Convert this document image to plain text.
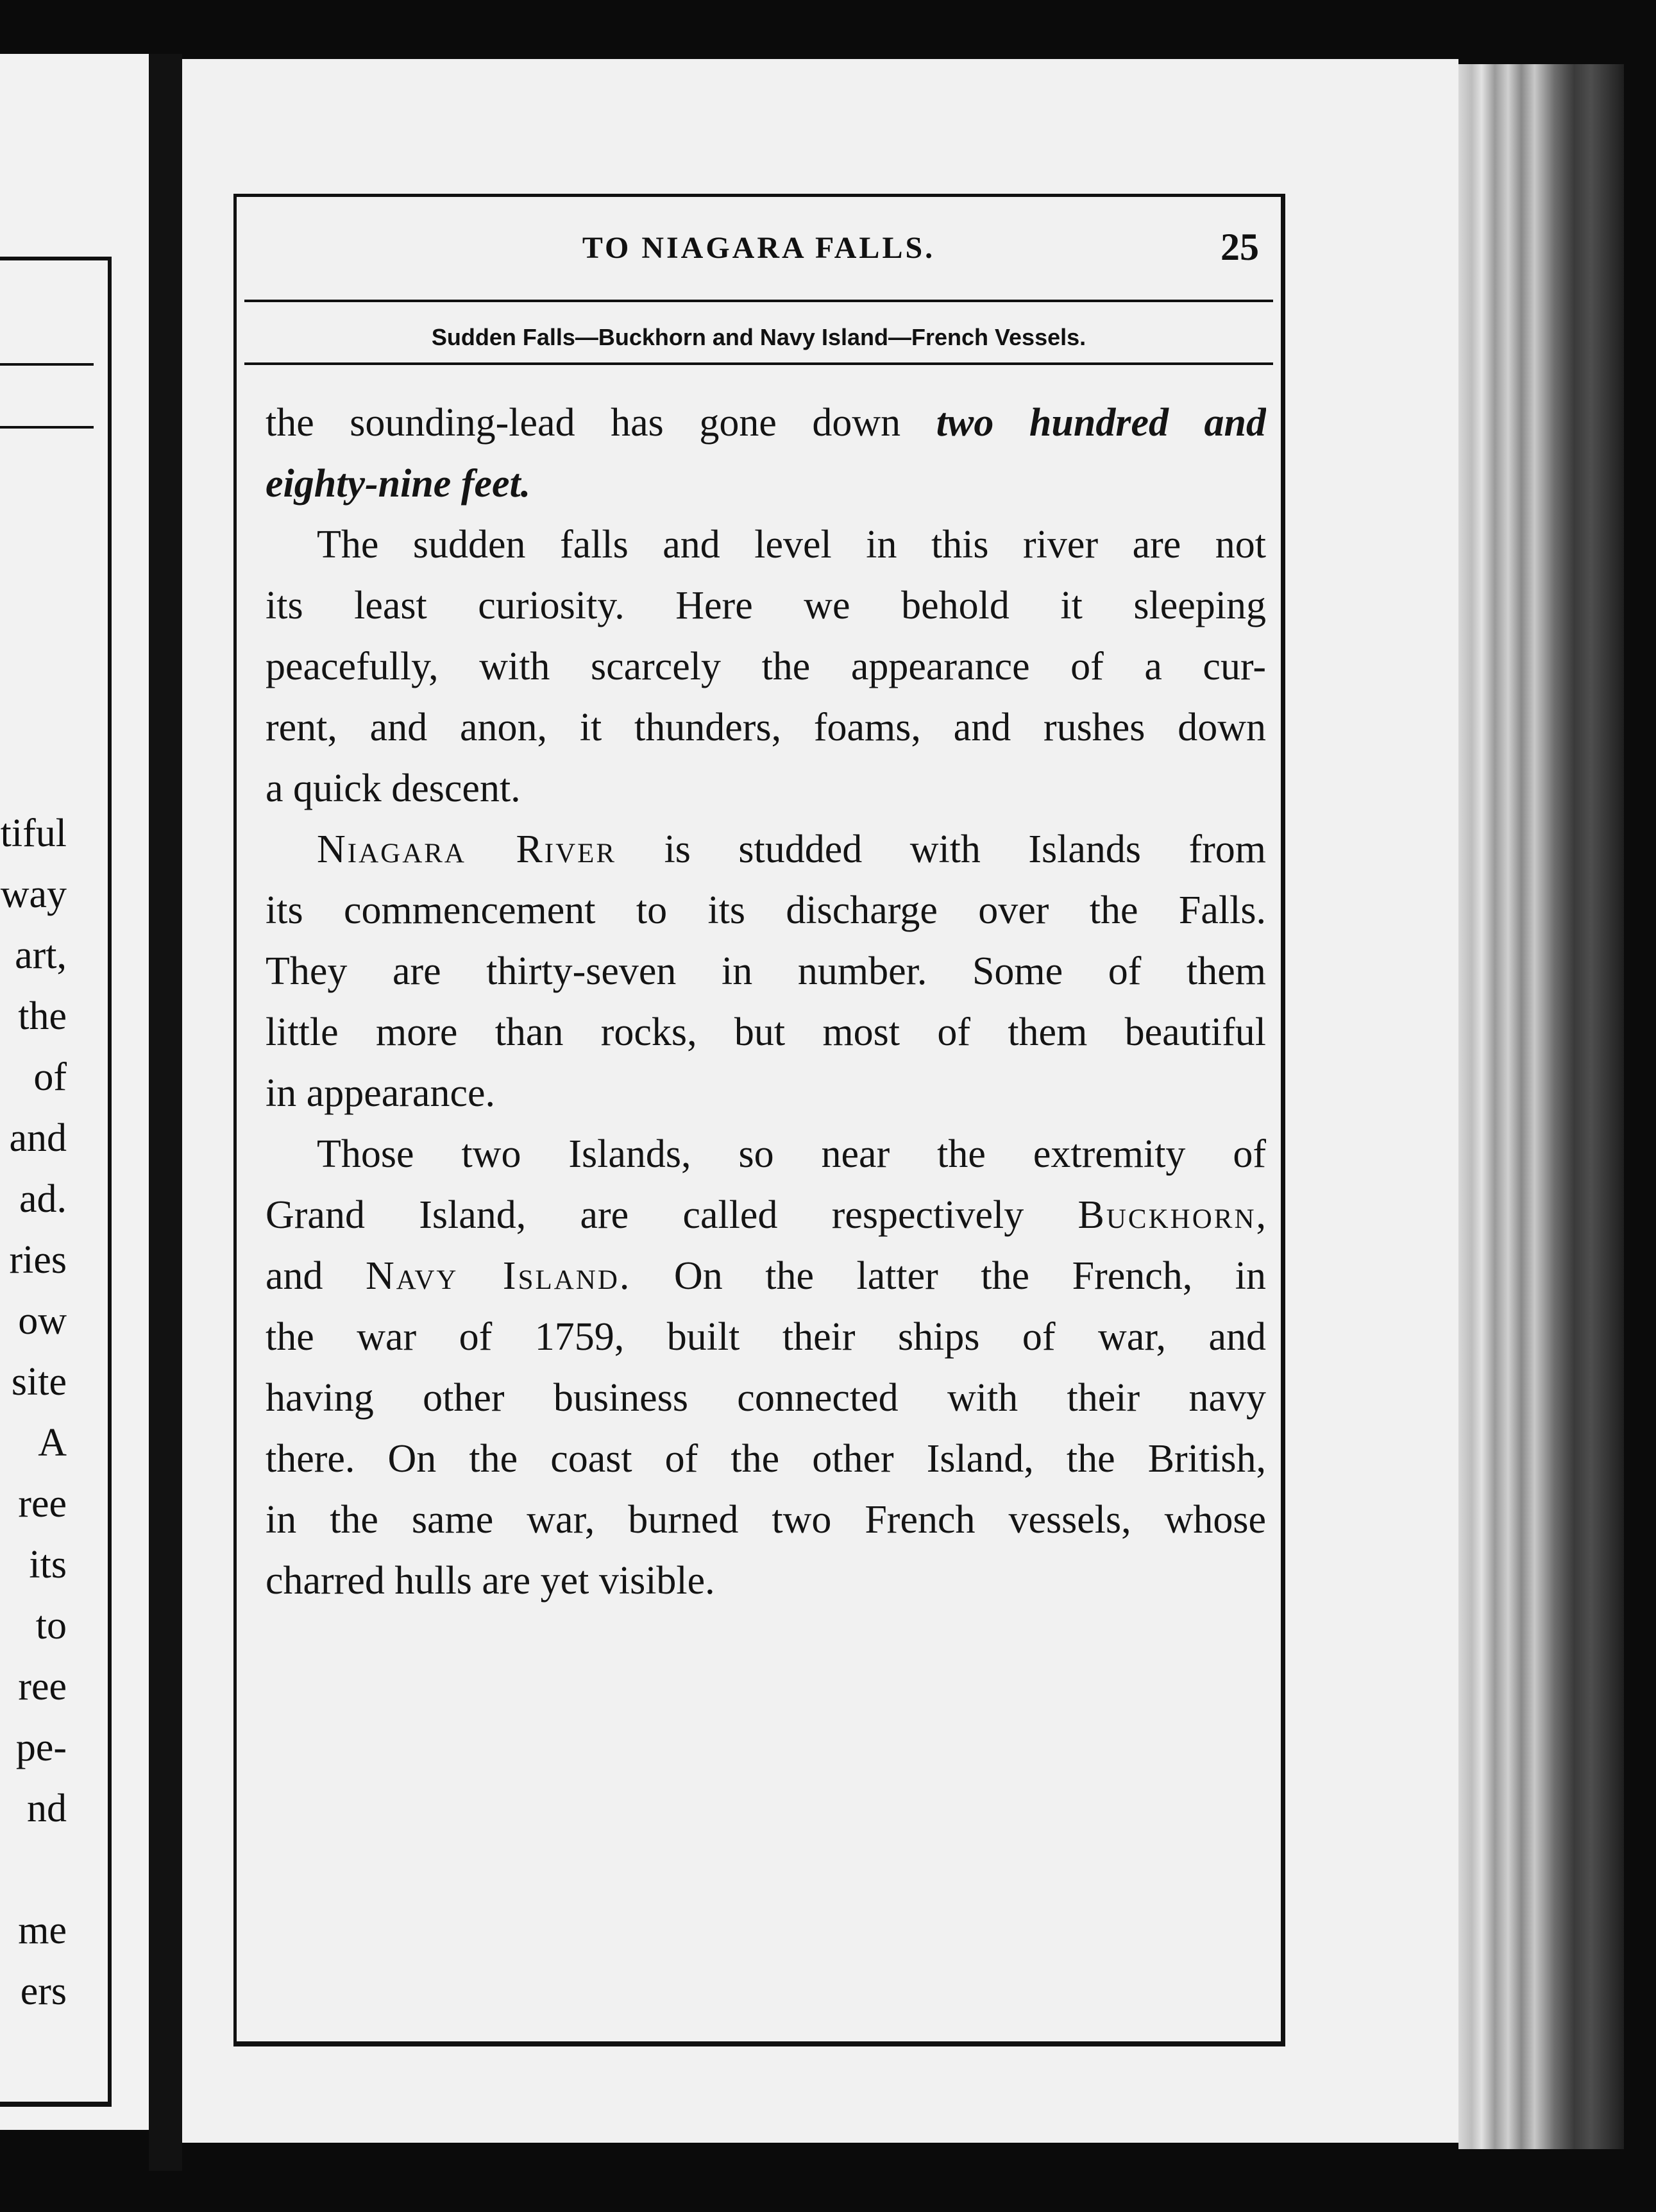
tiful
way
art,
the
of
and
ad.
ries
ow
site
A
ree
its
to
ree
pe-
nd
me
ers
TO NIAGARA FALLS.	25
Sudden Falls—Buckhorn and Navy Island—French Vessels.
the sounding-lead has gone down two hundred and
eighty-nine feet.
The sudden falls and level in this river are not
its least curiosity. Here we behold it sleeping
peacefully, with scarcely the appearance of a cur-
rent, and anon, it thunders, foams, and rushes down
a quick descent.
Niagara River is studded with Islands from
its commencement to its discharge over the Falls.
They are thirty-seven in number. Some of them
little more than rocks, but most of them beautiful
in appearance.
Those two Islands, so near the extremity of
Grand Island, are called respectively Buckhorn,
and Navy Island. On the latter the French, in
the war of 1759, built their ships of war, and
having other business connected with their navy
there. On the coast of the other Island, the British,
in the same war, burned two French vessels, whose
charred hulls are yet visible.
